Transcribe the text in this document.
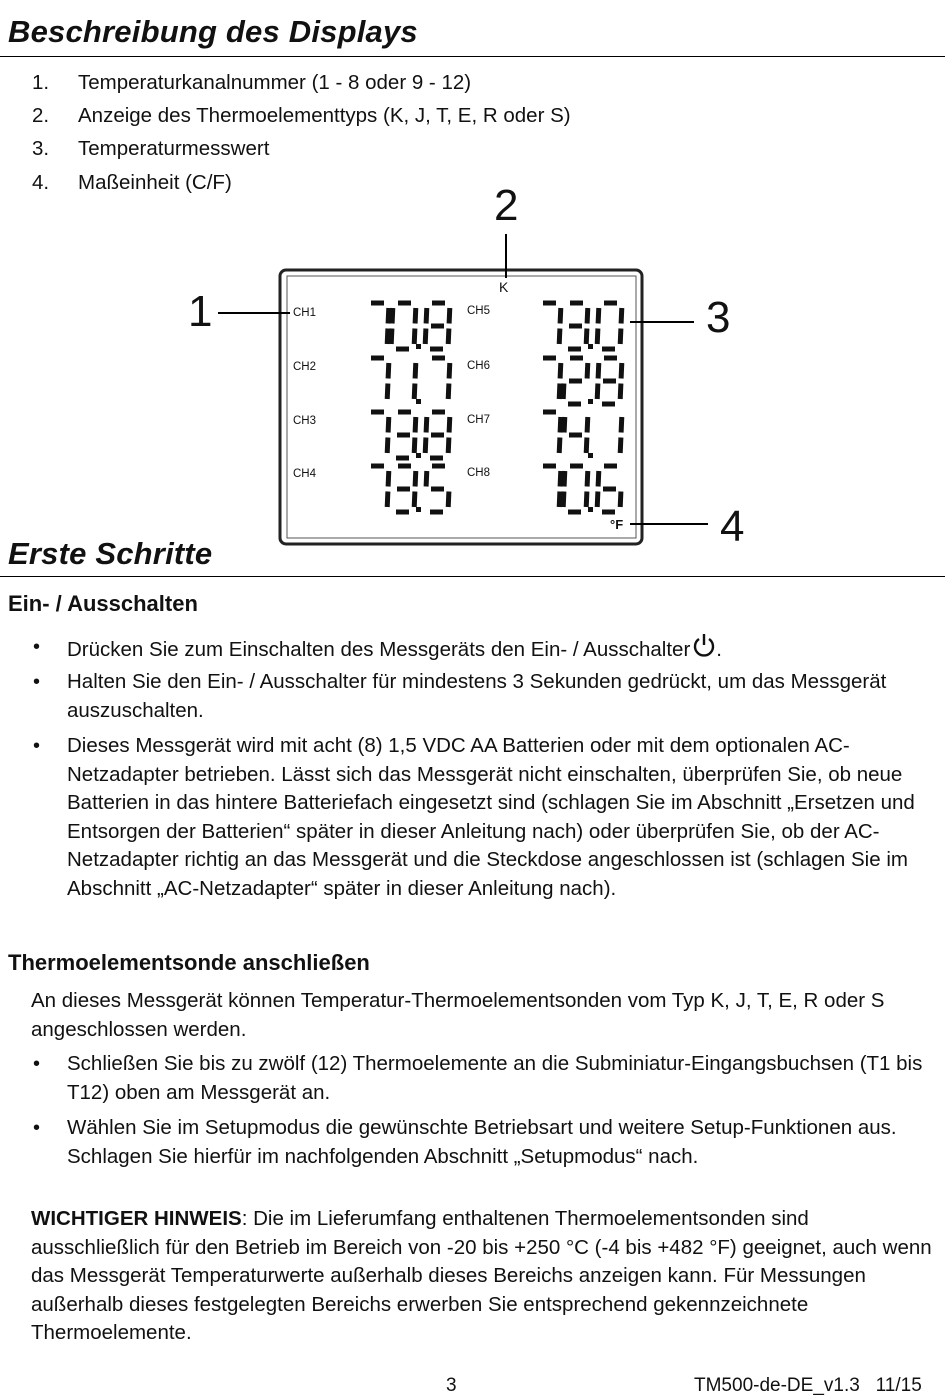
Beschreibung des Displays
1. Temperaturkanalnummer (1 - 8 oder 9 - 12)
2. Anzeige des Thermoelementtyps (K, J, T, E, R oder S)
3. Temperaturmesswert
4. Maßeinheit (C/F)
1
2
3
4
K
°F
CH1
CH2
CH3
CH4
CH5
CH6
CH7
CH8
Erste Schritte
Ein- / Ausschalten
• Drücken Sie zum Einschalten des Messgeräts den Ein- / Ausschalter .
• Halten Sie den Ein- / Ausschalter für mindestens 3 Sekunden gedrückt, um das Messgerät auszuschalten.
• Dieses Messgerät wird mit acht (8) 1,5 VDC AA Batterien oder mit dem optionalen AC-Netzadapter betrieben. Lässt sich das Messgerät nicht einschalten, überprüfen Sie, ob neue Batterien in das hintere Batteriefach eingesetzt sind (schlagen Sie im Abschnitt „Ersetzen und Entsorgen der Batterien“ später in dieser Anleitung nach) oder überprüfen Sie, ob der AC-Netzadapter richtig an das Messgerät und die Steckdose angeschlossen ist (schlagen Sie im Abschnitt „AC-Netzadapter“ später in dieser Anleitung nach).
Thermoelementsonde anschließen
An dieses Messgerät können Temperatur-Thermoelementsonden vom Typ K, J, T, E, R oder S angeschlossen werden.
• Schließen Sie bis zu zwölf (12) Thermoelemente an die Subminiatur-Eingangsbuchsen (T1 bis T12) oben am Messgerät an.
• Wählen Sie im Setupmodus die gewünschte Betriebsart und weitere Setup-Funktionen aus. Schlagen Sie hierfür im nachfolgenden Abschnitt „Setupmodus“ nach.
WICHTIGER HINWEIS: Die im Lieferumfang enthaltenen Thermoelementsonden sind ausschließlich für den Betrieb im Bereich von -20 bis +250 °C (-4 bis +482 °F) geeignet, auch wenn das Messgerät Temperaturwerte außerhalb dieses Bereichs anzeigen kann. Für Messungen außerhalb dieses festgelegten Bereichs erwerben Sie entsprechend gekennzeichnete Thermoelemente.
3	TM500-de-DE_v1.3   11/15
